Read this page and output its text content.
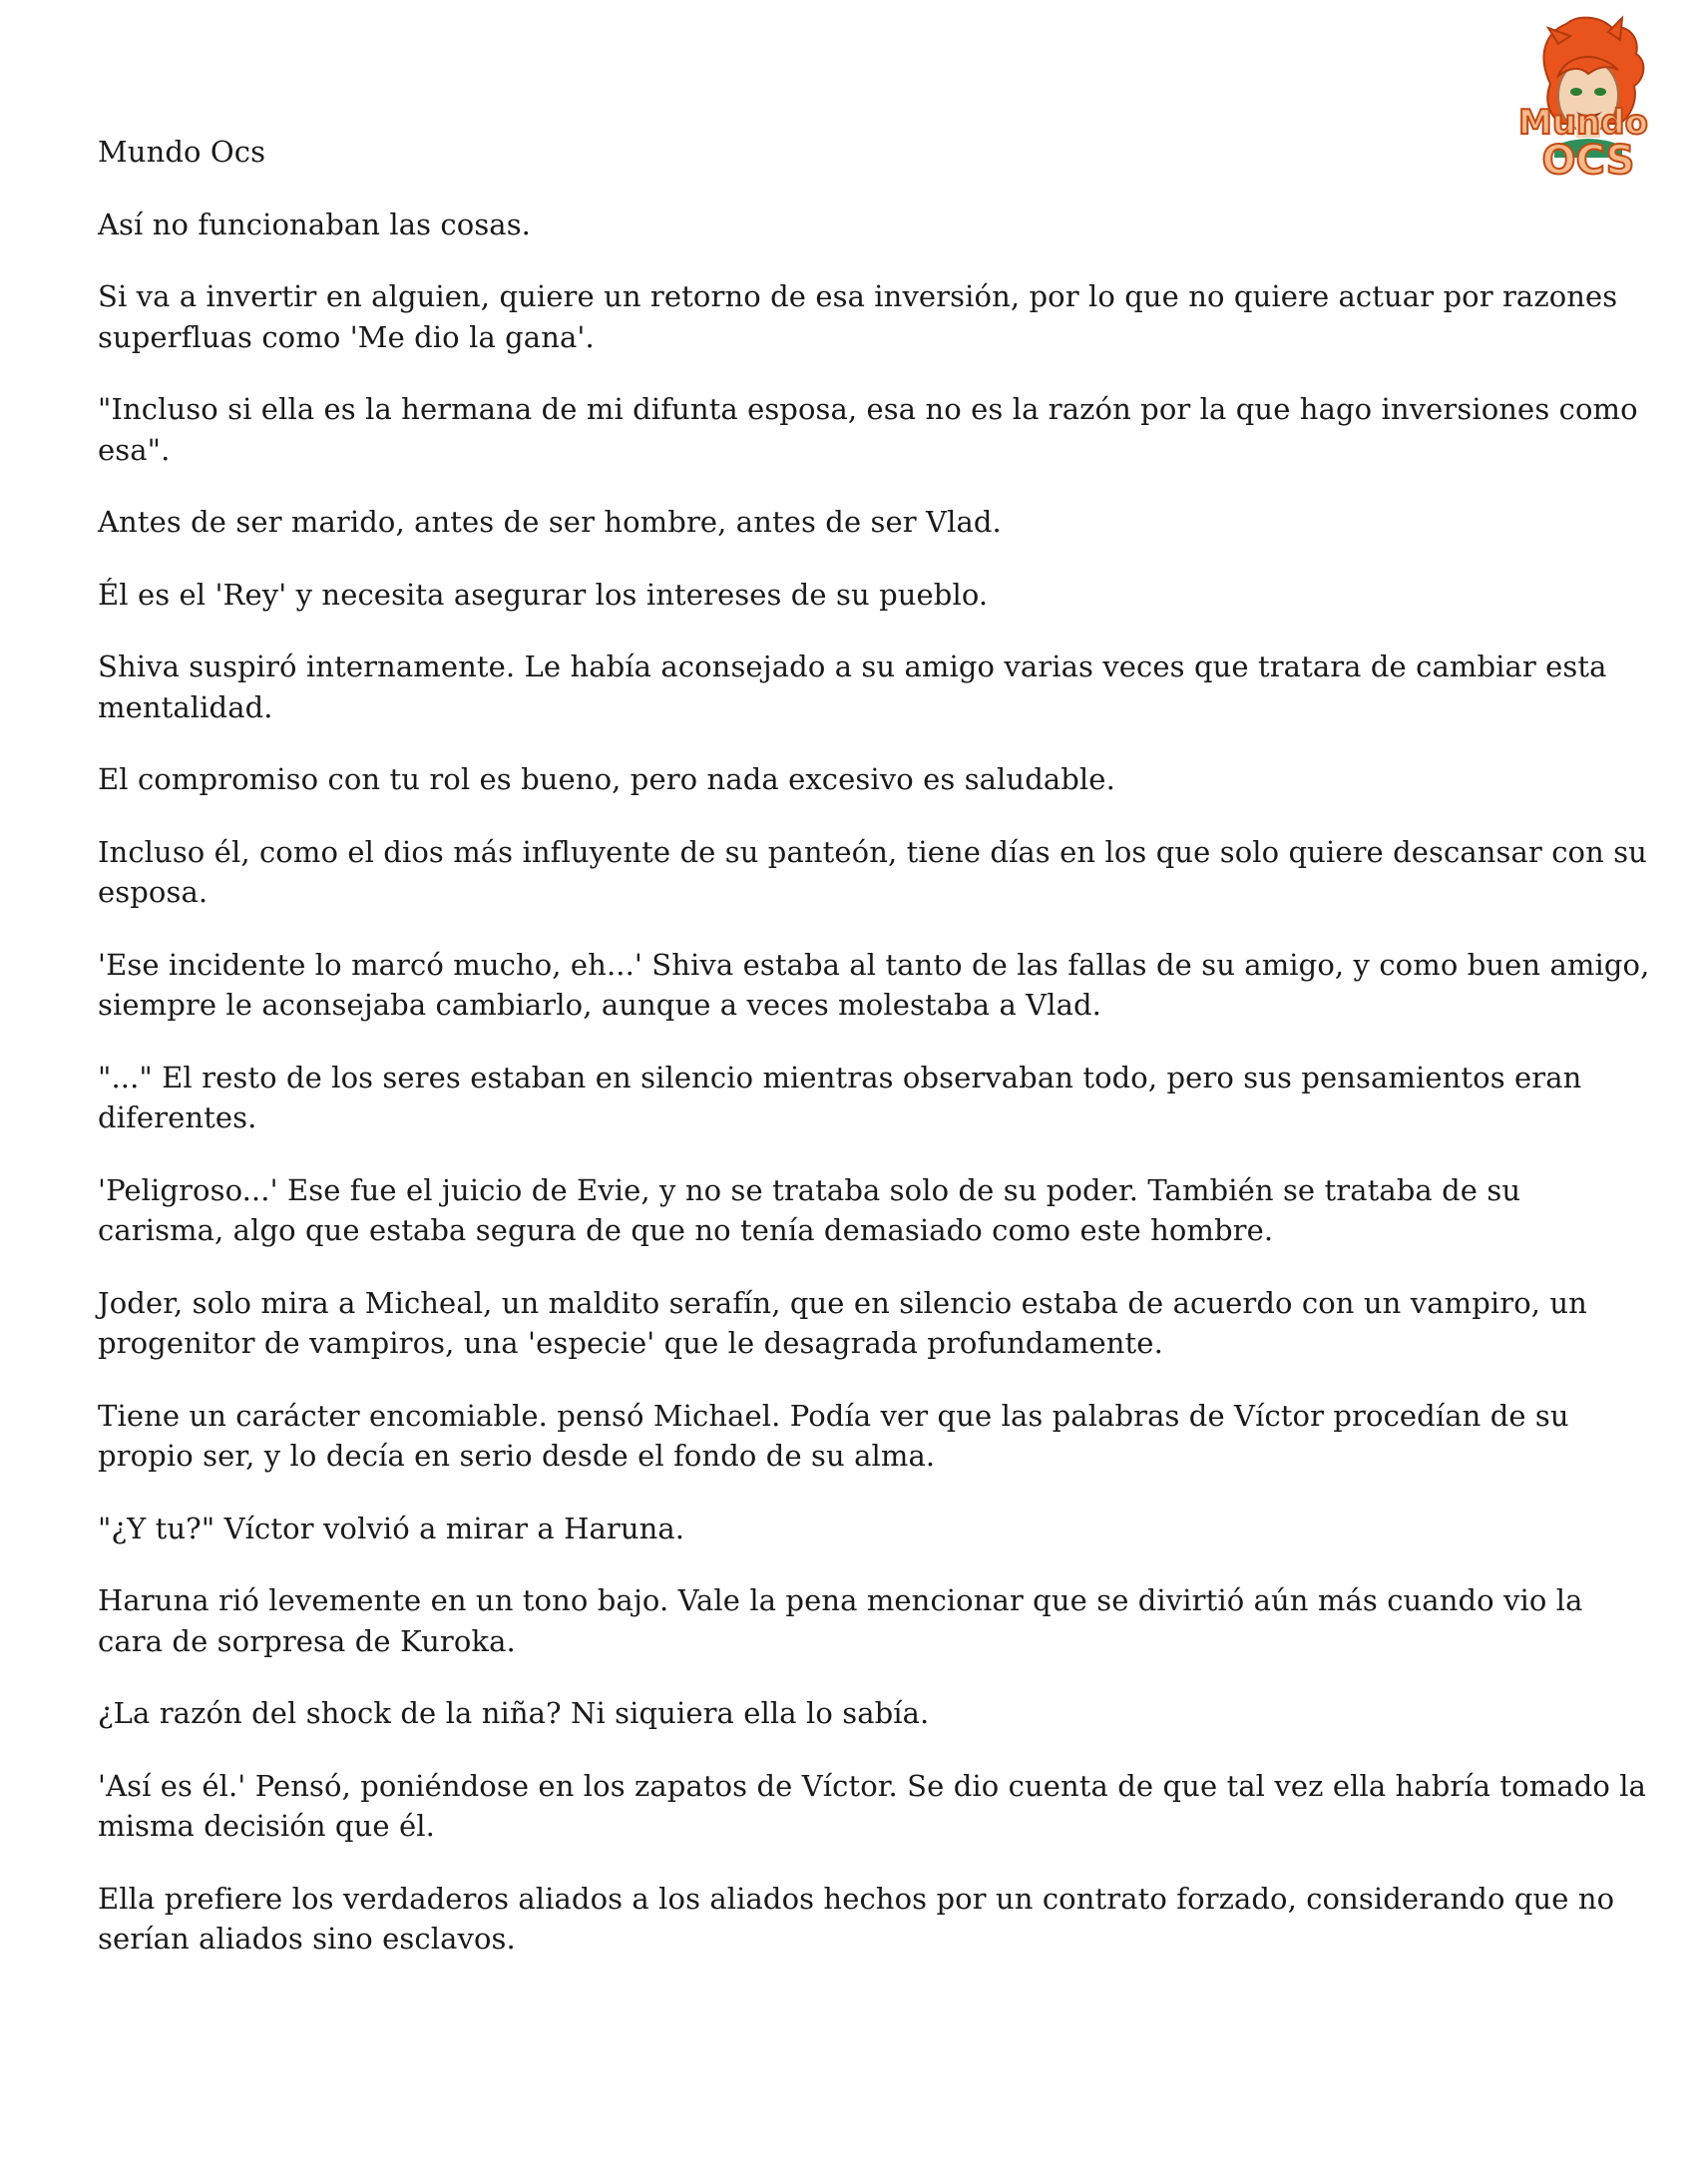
Mundo
OCS

Mundo Ocs

Así no funcionaban las cosas.

Si va a invertir en alguien, quiere un retorno de esa inversión, por lo que no quiere actuar por razones superfluas como 'Me dio la gana'.

"Incluso si ella es la hermana de mi difunta esposa, esa no es la razón por la que hago inversiones como esa".

Antes de ser marido, antes de ser hombre, antes de ser Vlad.

Él es el 'Rey' y necesita asegurar los intereses de su pueblo.

Shiva suspiró internamente. Le había aconsejado a su amigo varias veces que tratara de cambiar esta mentalidad.

El compromiso con tu rol es bueno, pero nada excesivo es saludable.

Incluso él, como el dios más influyente de su panteón, tiene días en los que solo quiere descansar con su esposa.

'Ese incidente lo marcó mucho, eh...' Shiva estaba al tanto de las fallas de su amigo, y como buen amigo, siempre le aconsejaba cambiarlo, aunque a veces molestaba a Vlad.

"..." El resto de los seres estaban en silencio mientras observaban todo, pero sus pensamientos eran diferentes.

'Peligroso...' Ese fue el juicio de Evie, y no se trataba solo de su poder. También se trataba de su carisma, algo que estaba segura de que no tenía demasiado como este hombre.

Joder, solo mira a Micheal, un maldito serafín, que en silencio estaba de acuerdo con un vampiro, un progenitor de vampiros, una 'especie' que le desagrada profundamente.

Tiene un carácter encomiable. pensó Michael. Podía ver que las palabras de Víctor procedían de su propio ser, y lo decía en serio desde el fondo de su alma.

"¿Y tu?" Víctor volvió a mirar a Haruna.

Haruna rió levemente en un tono bajo. Vale la pena mencionar que se divirtió aún más cuando vio la cara de sorpresa de Kuroka.

¿La razón del shock de la niña? Ni siquiera ella lo sabía.

'Así es él.' Pensó, poniéndose en los zapatos de Víctor. Se dio cuenta de que tal vez ella habría tomado la misma decisión que él.

Ella prefiere los verdaderos aliados a los aliados hechos por un contrato forzado, considerando que no serían aliados sino esclavos.
